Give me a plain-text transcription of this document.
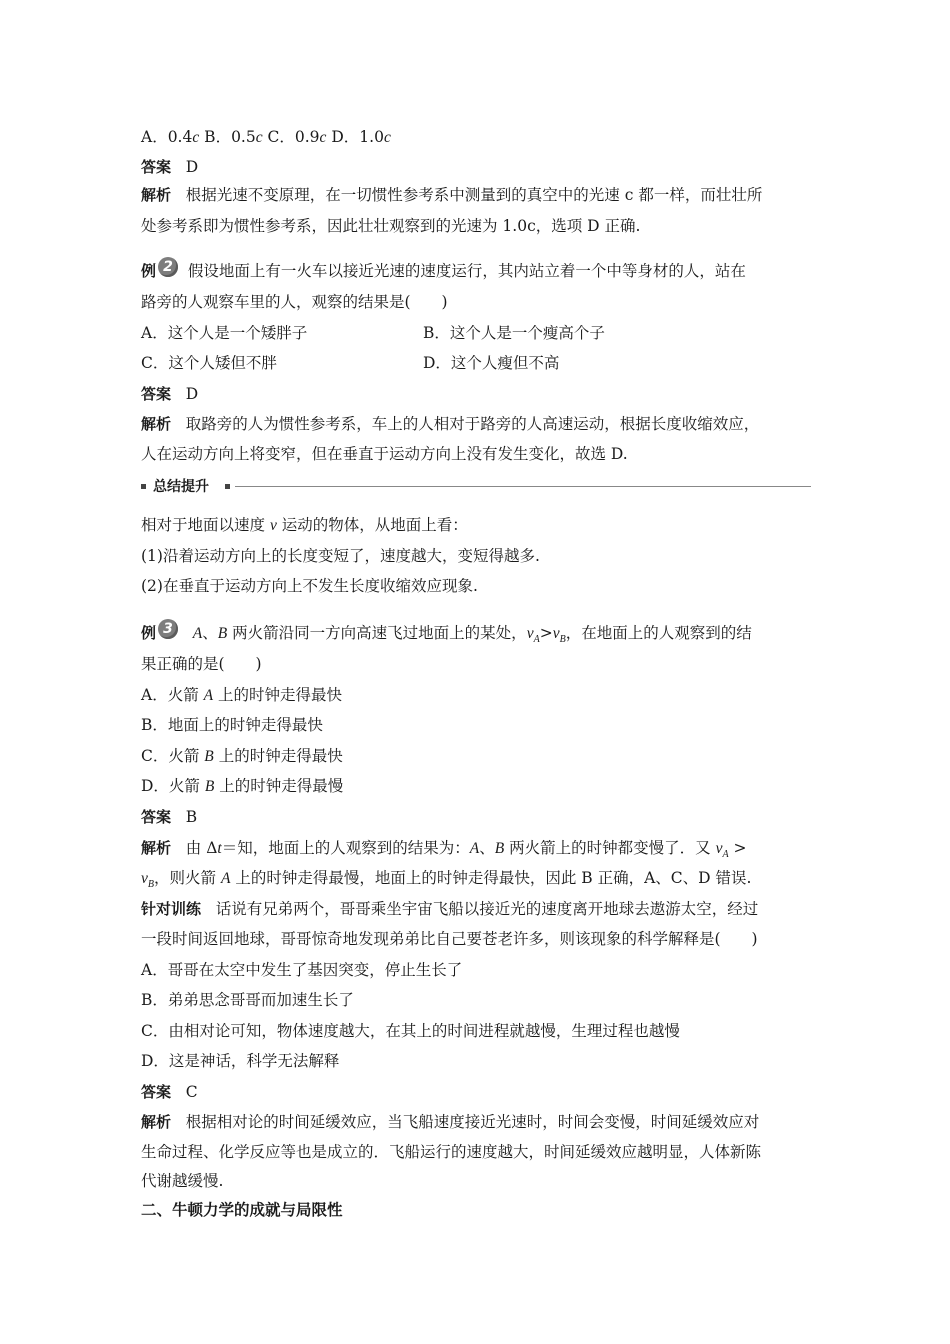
A．0.4c B．0.5c C．0.9c D．1.0c
答案 D
解析 根据光速不变原理，在一切惯性参考系中测量到的真空中的光速 c 都一样，而壮壮所
处参考系即为惯性参考系，因此壮壮观察到的光速为 1.0c，选项 D 正确.
例 2 假设地面上有一火车以接近光速的速度运行，其内站立着一个中等身材的人，站在
路旁的人观察车里的人，观察的结果是(　　)
A．这个人是一个矮胖子	B．这个人是一个瘦高个子
C．这个人矮但不胖	D．这个人瘦但不高
答案 D
解析 取路旁的人为惯性参考系，车上的人相对于路旁的人高速运动，根据长度收缩效应，
人在运动方向上将变窄，但在垂直于运动方向上没有发生变化，故选 D.
总结提升
相对于地面以速度 v 运动的物体，从地面上看：
(1)沿着运动方向上的长度变短了，速度越大，变短得越多.
(2)在垂直于运动方向上不发生长度收缩效应现象.
例 3	A、B 两火箭沿同一方向高速飞过地面上的某处，$v_A>v_B$，在地面上的人观察到的结
果正确的是(　　)
A．火箭 A 上的时钟走得最快
B．地面上的时钟走得最快
C．火箭 B 上的时钟走得最快
D．火箭 B 上的时钟走得最慢
答案 B
解析 由 Δt＝知，地面上的人观察到的结果为：A、B 两火箭上的时钟都变慢了．又 $v_A$ >
$v_B$，则火箭 A 上的时钟走得最慢，地面上的时钟走得最快，因此 B 正确，A、C、D 错误.
针对训练 话说有兄弟两个，哥哥乘坐宇宙飞船以接近光的速度离开地球去遨游太空，经过
一段时间返回地球，哥哥惊奇地发现弟弟比自己要苍老许多，则该现象的科学解释是(　　)
A．哥哥在太空中发生了基因突变，停止生长了
B．弟弟思念哥哥而加速生长了
C．由相对论可知，物体速度越大，在其上的时间进程就越慢，生理过程也越慢
D．这是神话，科学无法解释
答案 C
解析 根据相对论的时间延缓效应，当飞船速度接近光速时，时间会变慢，时间延缓效应对
生命过程、化学反应等也是成立的．飞船运行的速度越大，时间延缓效应越明显，人体新陈
代谢越缓慢.
二、牛顿力学的成就与局限性
